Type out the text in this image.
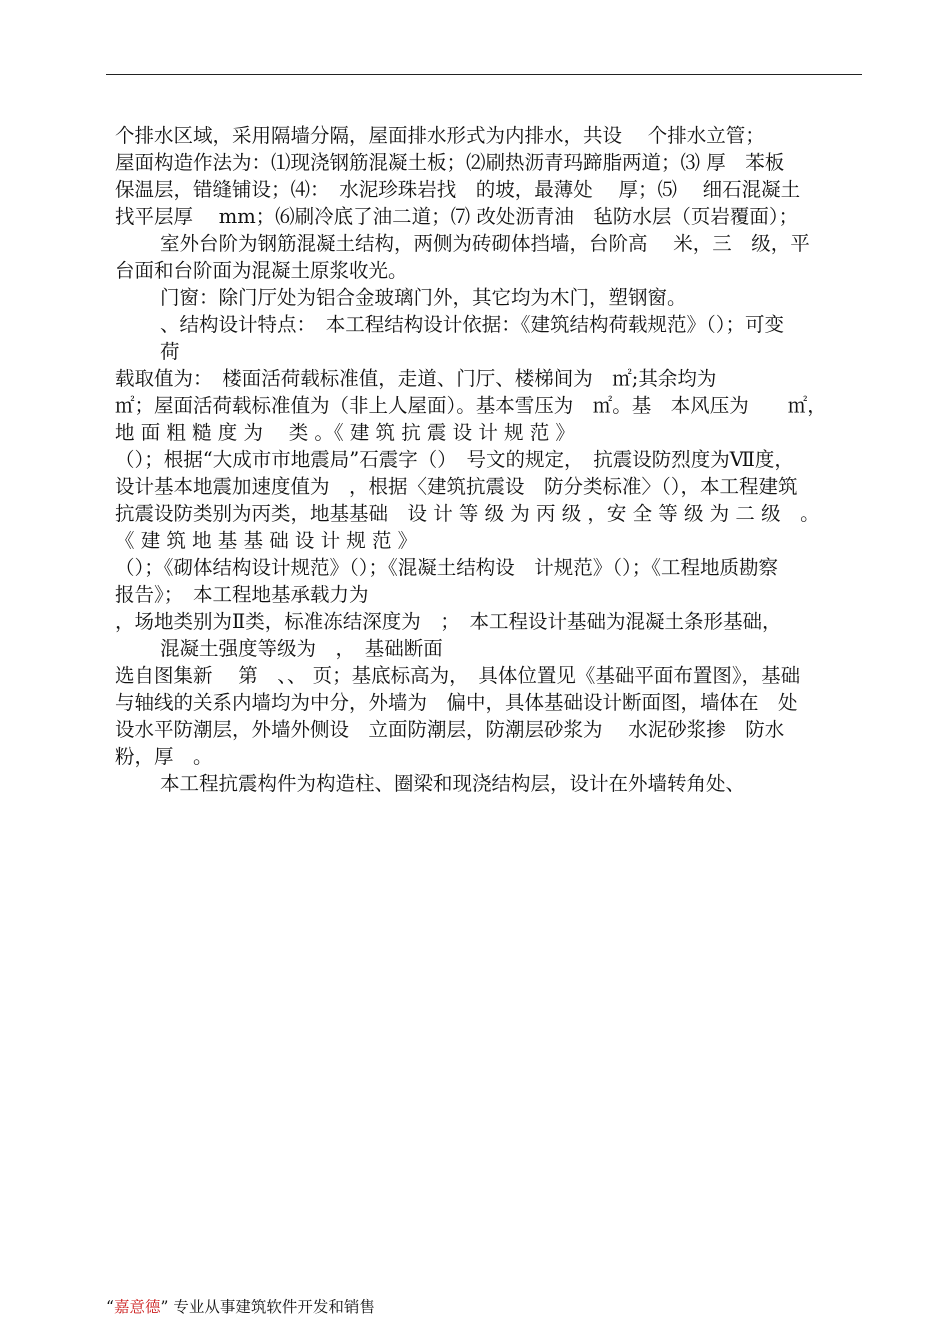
个排水区域，采用隔墙分隔，屋面排水形式为内排水，共设　 个排水立管；
屋面构造作法为：⑴现浇钢筋混凝土板；⑵刷热沥青玛蹄脂两道；⑶ 厚　苯板
保温层，错缝铺设；⑷：　水泥珍珠岩找　的坡，最薄处　 厚；⑸　 细石混凝土
找平层厚　 mm；⑹刷冷底了油二道；⑺ 改处沥青油　毡防水层（页岩覆面）；
室外台阶为钢筋混凝土结构，两侧为砖砌体挡墙，台阶高　 米，三　级，平
台面和台阶面为混凝土原浆收光。
门窗：除门厅处为铝合金玻璃门外，其它均为木门，塑钢窗。
、结构设计特点：　本工程结构设计依据：《建筑结构荷载规范》（）；可变
荷
载取值为：　楼面活荷载标准值，走道、门厅、楼梯间为　㎡;其余均为
㎡；屋面活荷载标准值为（非上人屋面）。基本雪压为　㎡。基　本风压为　　㎡，
地 面 粗 糙 度 为　 类 。《 建 筑 抗 震 设 计 规 范 》
（）；根据“大成市市地震局”石震字（）　号文的规定，　抗震设防烈度为Ⅶ度，
设计基本地震加速度值为　，根据〈建筑抗震设　防分类标准〉（），本工程建筑
抗震设防类别为丙类，地基基础　设 计 等 级 为 丙 级 ，安 全 等 级 为 二 级　。
《 建 筑 地 基 基 础 设 计 规 范 》
（）；《砌体结构设计规范》（）；《混凝土结构设　计规范》（）；《工程地质勘察
报告》；　本工程地基承载力为
，场地类别为Ⅱ类，标准冻结深度为　；　本工程设计基础为混凝土条形基础，
混凝土强度等级为　，　基础断面
选自图集新　 第　、、 页；基底标高为，　具体位置见《基础平面布置图》，基础
与轴线的关系内墙均为中分，外墙为　偏中，具体基础设计断面图，墙体在　处
设水平防潮层，外墙外侧设　立面防潮层，防潮层砂浆为　 水泥砂浆掺　防水
粉，厚　。
本工程抗震构件为构造柱、圈梁和现浇结构层，设计在外墙转角处、
“嘉意德” 专业从事建筑软件开发和销售
